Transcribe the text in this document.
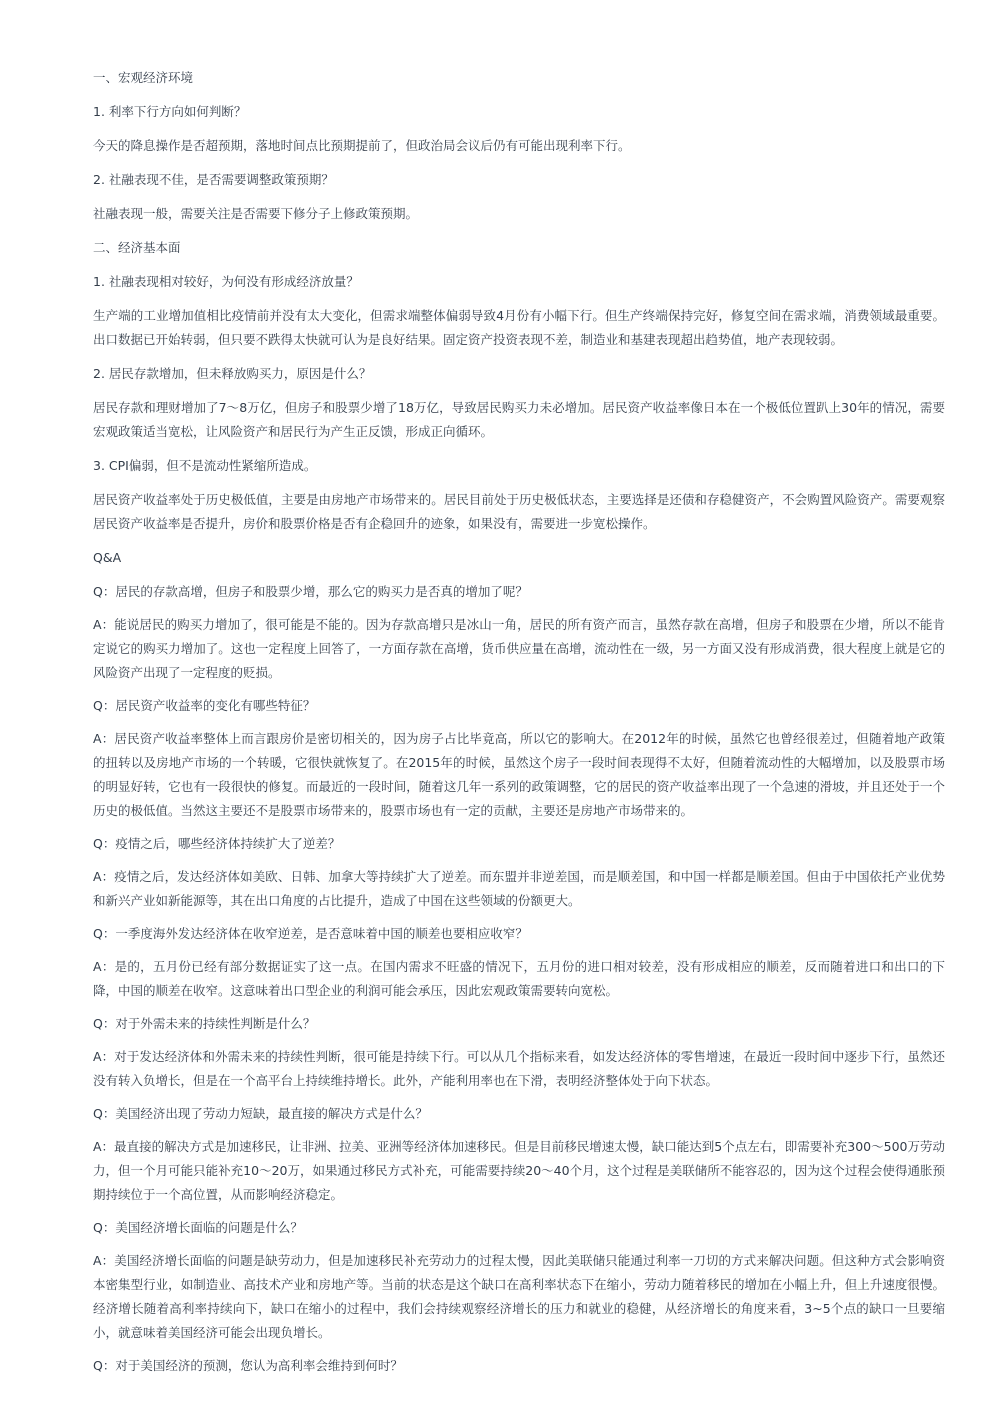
一、宏观经济环境

1. 利率下行方向如何判断？

今天的降息操作是否超预期，落地时间点比预期提前了，但政治局会议后仍有可能出现利率下行。

2. 社融表现不佳，是否需要调整政策预期？

社融表现一般，需要关注是否需要下修分子上修政策预期。

二、经济基本面

1. 社融表现相对较好，为何没有形成经济放量？

生产端的工业增加值相比疫情前并没有太大变化，但需求端整体偏弱导致4月份有小幅下行。但生产终端保持完好，修复空间在需求端，消费领域最重要。出口数据已开始转弱，但只要不跌得太快就可认为是良好结果。固定资产投资表现不差，制造业和基建表现超出趋势值，地产表现较弱。

2. 居民存款增加，但未释放购买力，原因是什么？

居民存款和理财增加了7～8万亿，但房子和股票少增了18万亿，导致居民购买力未必增加。居民资产收益率像日本在一个极低位置趴上30年的情况，需要宏观政策适当宽松，让风险资产和居民行为产生正反馈，形成正向循环。

3. CPI偏弱，但不是流动性紧缩所造成。

居民资产收益率处于历史极低值，主要是由房地产市场带来的。居民目前处于历史极低状态，主要选择是还债和存稳健资产，不会购置风险资产。需要观察居民资产收益率是否提升，房价和股票价格是否有企稳回升的迹象，如果没有，需要进一步宽松操作。

Q&A

Q：居民的存款高增，但房子和股票少增，那么它的购买力是否真的增加了呢？

A：能说居民的购买力增加了，很可能是不能的。因为存款高增只是冰山一角，居民的所有资产而言，虽然存款在高增，但房子和股票在少增，所以不能肯定说它的购买力增加了。这也一定程度上回答了，一方面存款在高增，货币供应量在高增，流动性在一级，另一方面又没有形成消费，很大程度上就是它的风险资产出现了一定程度的贬损。

Q：居民资产收益率的变化有哪些特征？

A：居民资产收益率整体上而言跟房价是密切相关的，因为房子占比毕竟高，所以它的影响大。在2012年的时候，虽然它也曾经很差过，但随着地产政策的扭转以及房地产市场的一个转暖，它很快就恢复了。在2015年的时候，虽然这个房子一段时间表现得不太好，但随着流动性的大幅增加，以及股票市场的明显好转，它也有一段很快的修复。而最近的一段时间，随着这几年一系列的政策调整，它的居民的资产收益率出现了一个急速的滑坡，并且还处于一个历史的极低值。当然这主要还不是股票市场带来的，股票市场也有一定的贡献，主要还是房地产市场带来的。

Q：疫情之后，哪些经济体持续扩大了逆差？

A：疫情之后，发达经济体如美欧、日韩、加拿大等持续扩大了逆差。而东盟并非逆差国，而是顺差国，和中国一样都是顺差国。但由于中国依托产业优势和新兴产业如新能源等，其在出口角度的占比提升，造成了中国在这些领域的份额更大。

Q：一季度海外发达经济体在收窄逆差，是否意味着中国的顺差也要相应收窄？

A：是的，五月份已经有部分数据证实了这一点。在国内需求不旺盛的情况下，五月份的进口相对较差，没有形成相应的顺差，反而随着进口和出口的下降，中国的顺差在收窄。这意味着出口型企业的利润可能会承压，因此宏观政策需要转向宽松。

Q：对于外需未来的持续性判断是什么？

A：对于发达经济体和外需未来的持续性判断，很可能是持续下行。可以从几个指标来看，如发达经济体的零售增速，在最近一段时间中逐步下行，虽然还没有转入负增长，但是在一个高平台上持续维持增长。此外，产能利用率也在下滑，表明经济整体处于向下状态。

Q：美国经济出现了劳动力短缺，最直接的解决方式是什么？

A：最直接的解决方式是加速移民，让非洲、拉美、亚洲等经济体加速移民。但是目前移民增速太慢，缺口能达到5个点左右，即需要补充300～500万劳动力，但一个月可能只能补充10～20万，如果通过移民方式补充，可能需要持续20～40个月，这个过程是美联储所不能容忍的，因为这个过程会使得通胀预期持续位于一个高位置，从而影响经济稳定。

Q：美国经济增长面临的问题是什么？

A：美国经济增长面临的问题是缺劳动力，但是加速移民补充劳动力的过程太慢，因此美联储只能通过利率一刀切的方式来解决问题。但这种方式会影响资本密集型行业，如制造业、高技术产业和房地产等。当前的状态是这个缺口在高利率状态下在缩小，劳动力随着移民的增加在小幅上升，但上升速度很慢。经济增长随着高利率持续向下，缺口在缩小的过程中，我们会持续观察经济增长的压力和就业的稳健，从经济增长的角度来看，3~5个点的缺口一旦要缩小，就意味着美国经济可能会出现负增长。

Q：对于美国经济的预测，您认为高利率会维持到何时？
